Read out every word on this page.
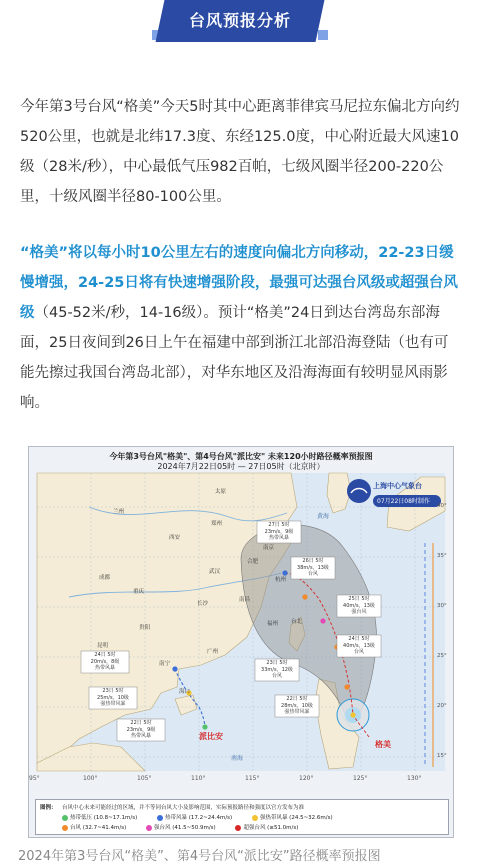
台风预报分析

今年第3号台风“格美”今天5时其中心距离菲律宾马尼拉东偏北方向约520公里，也就是北纬17.3度、东经125.0度，中心附近最大风速10级（28米/秒），中心最低气压982百帕，七级风圈半径200-220公里，十级风圈半径80-100公里。

“格美”将以每小时10公里左右的速度向偏北方向移动，22-23日缓慢增强，24-25日将有快速增强阶段，最强可达强台风级或超强台风级（45-52米/秒，14-16级）。预计“格美”24日到达台湾岛东部海面，25日夜间到26日上午在福建中部到浙江北部沿海登陆（也有可能先擦过我国台湾岛北部），对华东地区及沿海海面有较明显风雨影响。

今年第3号台风"格美"、第4号台风"派比安" 未来120小时路径概率预报图
2024年7月22日05时 — 27日05时（北京时）
上海中心气象台
07月22日08时制作
黄海
南海
格美
派比安
太原
郑州
兰州
西安
成都
重庆
贵阳
昆明
长沙
南昌
福州
广州
南宁
海口
合肥
南京
武汉
杭州
台北
27日 5时
23m/s，9级
热带风暴
26日 5时
38m/s，13级
台风
25日 5时
40m/s，13级
强台风
24日 5时
40m/s，13级
台风
23日 5时
33m/s，12级
台风
22日 5时
28m/s，10级
强热带风暴
24日 5时
20m/s，8级
热带风暴
23日 5时
25m/s，10级
强热带风暴
22日 5时
23m/s，9级
热带风暴
95°	100°	105°	110°	115°	120°	125°	130°
40°
35°
30°
25°
20°
15°
图例： 台风中心未来可能经过的区域，并不等同台风大小及影响范围，实际预报路径和强度以官方发布为准
热带低压 (10.8~17.1m/s)	热带风暴 (17.2~24.4m/s)	强热带风暴 (24.5~32.6m/s)
台风 (32.7~41.4m/s)	强台风 (41.5~50.9m/s)	超强台风 (≥51.0m/s)
2024年第3号台风“格美”、第4号台风“派比安”路径概率预报图
